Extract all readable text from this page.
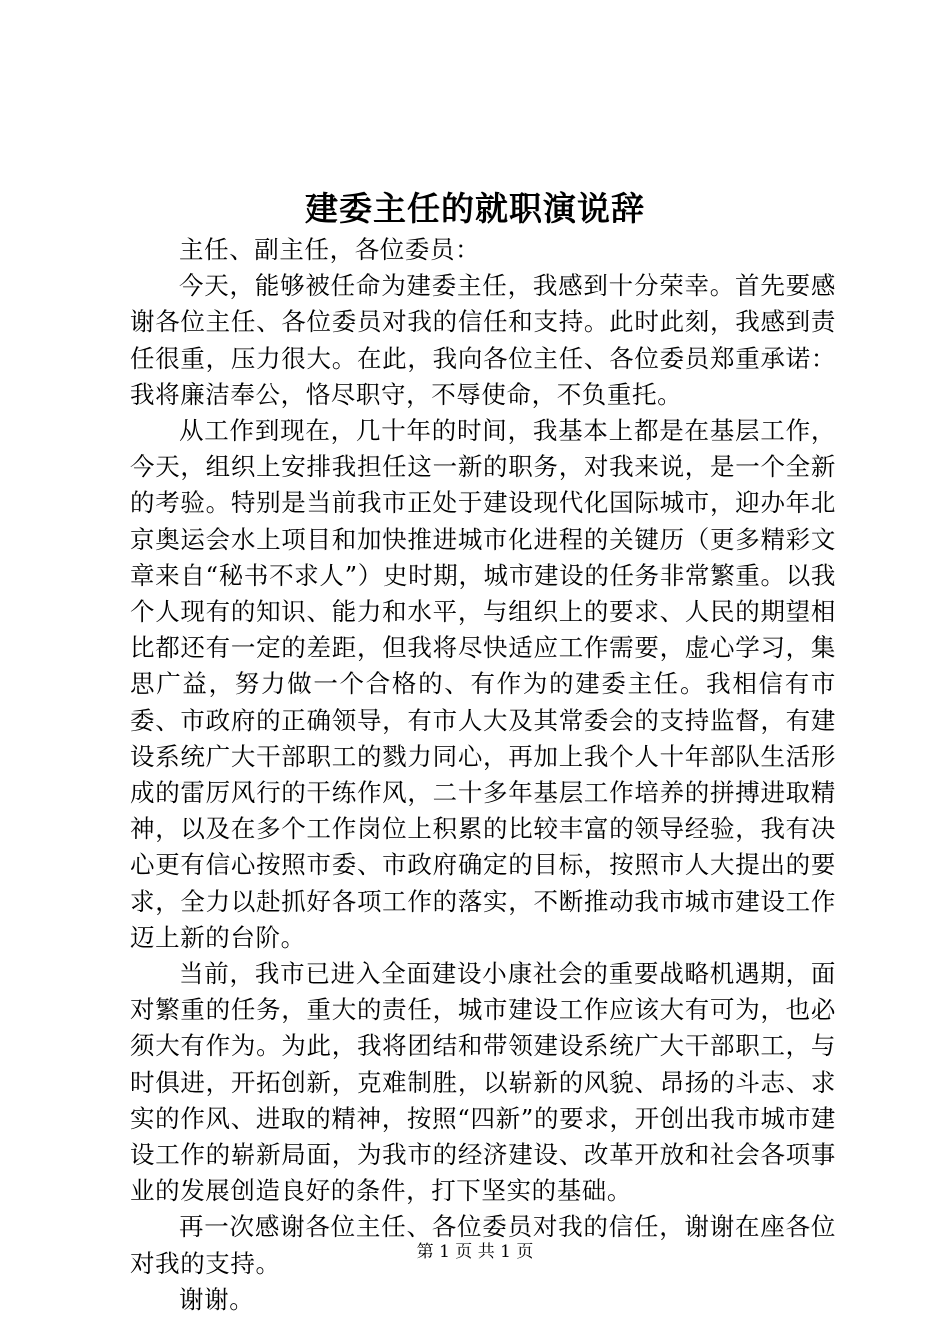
建委主任的就职演说辞

主任、副主任，各位委员：

今天，能够被任命为建委主任，我感到十分荣幸。首先要感谢各位主任、各位委员对我的信任和支持。此时此刻，我感到责任很重，压力很大。在此，我向各位主任、各位委员郑重承诺：我将廉洁奉公，恪尽职守，不辱使命，不负重托。

从工作到现在，几十年的时间，我基本上都是在基层工作，今天，组织上安排我担任这一新的职务，对我来说，是一个全新的考验。特别是当前我市正处于建设现代化国际城市，迎办年北京奥运会水上项目和加快推进城市化进程的关键历（更多精彩文章来自“秘书不求人”）史时期，城市建设的任务非常繁重。以我个人现有的知识、能力和水平，与组织上的要求、人民的期望相比都还有一定的差距，但我将尽快适应工作需要，虚心学习，集思广益，努力做一个合格的、有作为的建委主任。我相信有市委、市政府的正确领导，有市人大及其常委会的支持监督，有建设系统广大干部职工的戮力同心，再加上我个人十年部队生活形成的雷厉风行的干练作风，二十多年基层工作培养的拼搏进取精神，以及在多个工作岗位上积累的比较丰富的领导经验，我有决心更有信心按照市委、市政府确定的目标，按照市人大提出的要求，全力以赴抓好各项工作的落实，不断推动我市城市建设工作迈上新的台阶。

当前，我市已进入全面建设小康社会的重要战略机遇期，面对繁重的任务，重大的责任，城市建设工作应该大有可为，也必须大有作为。为此，我将团结和带领建设系统广大干部职工，与时俱进，开拓创新，克难制胜，以崭新的风貌、昂扬的斗志、求实的作风、进取的精神，按照“四新”的要求，开创出我市城市建设工作的崭新局面，为我市的经济建设、改革开放和社会各项事业的发展创造良好的条件，打下坚实的基础。

再一次感谢各位主任、各位委员对我的信任，谢谢在座各位对我的支持。

谢谢。

第 1 页 共 1 页
